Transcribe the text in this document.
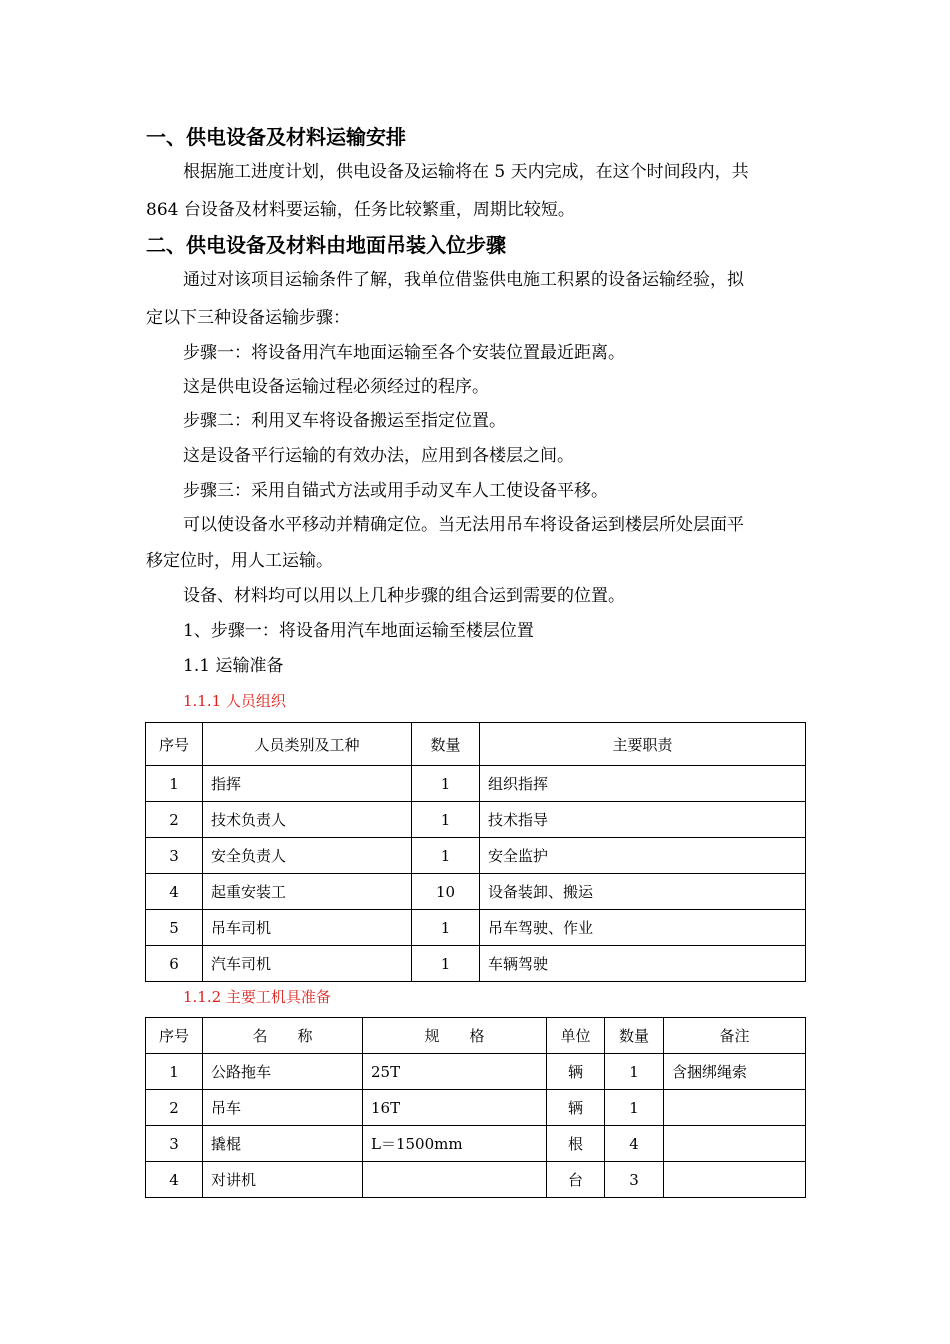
一、供电设备及材料运输安排
根据施工进度计划，供电设备及运输将在 5 天内完成，在这个时间段内，共
864 台设备及材料要运输，任务比较繁重，周期比较短。
二、供电设备及材料由地面吊装入位步骤
通过对该项目运输条件了解，我单位借鉴供电施工积累的设备运输经验，拟
定以下三种设备运输步骤：
步骤一：将设备用汽车地面运输至各个安装位置最近距离。
这是供电设备运输过程必须经过的程序。
步骤二：利用叉车将设备搬运至指定位置。
这是设备平行运输的有效办法，应用到各楼层之间。
步骤三：采用自锚式方法或用手动叉车人工使设备平移。
可以使设备水平移动并精确定位。当无法用吊车将设备运到楼层所处层面平
移定位时，用人工运输。
设备、材料均可以用以上几种步骤的组合运到需要的位置。
1、步骤一：将设备用汽车地面运输至楼层位置
1.1 运输准备
1.1.1 人员组织
序号	人员类别及工种	数量	主要职责
1	指挥	1	组织指挥
2	技术负责人	1	技术指导
3	安全负责人	1	安全监护
4	起重安装工	10	设备装卸、搬运
5	吊车司机	1	吊车驾驶、作业
6	汽车司机	1	车辆驾驶
1.1.2 主要工机具准备
序号	名　　称	规　　格	单位	数量	备注
1	公路拖车	25T	辆	1	含捆绑绳索
2	吊车	16T	辆	1	
3	撬棍	L＝1500mm	根	4	
4	对讲机		台	3	
